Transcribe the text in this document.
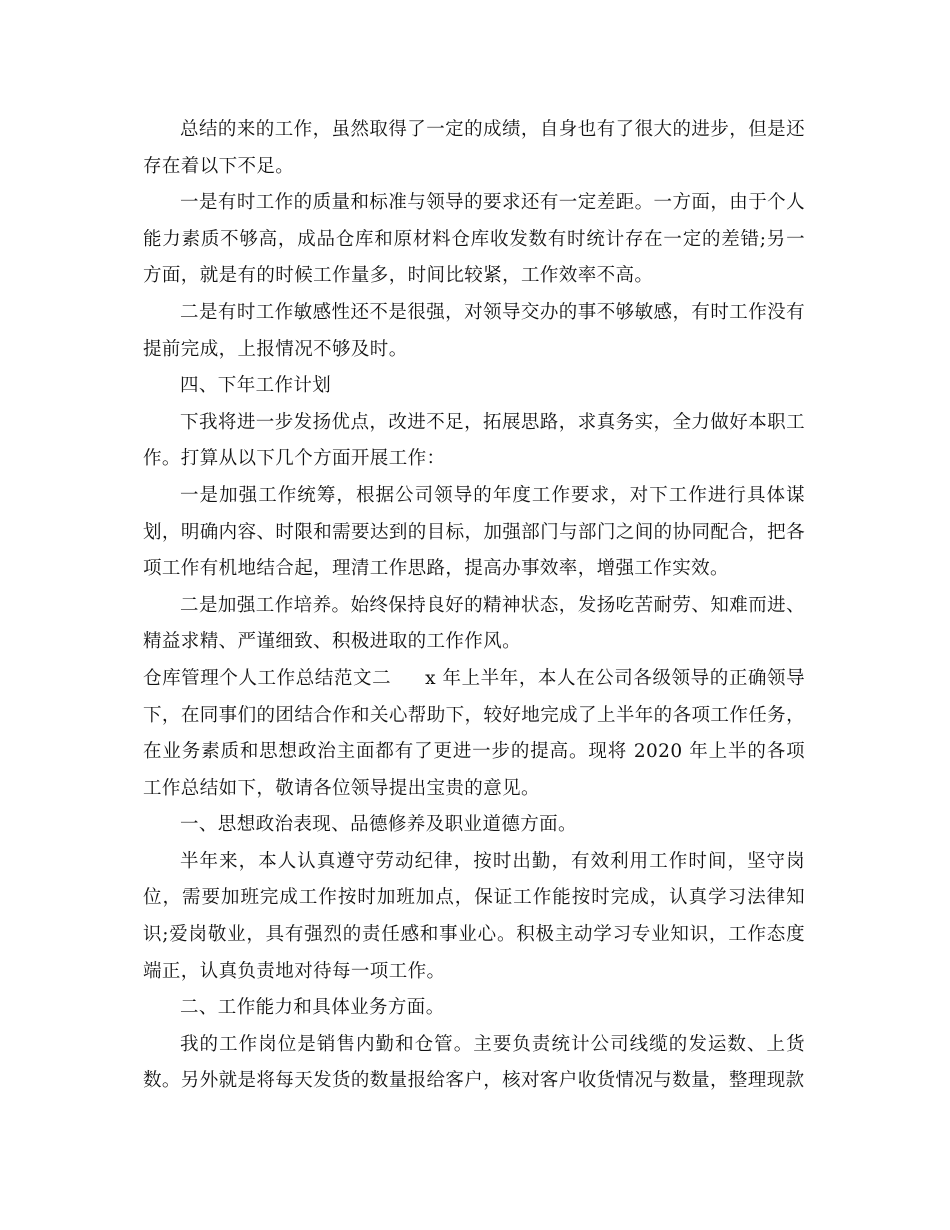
总结的来的工作，虽然取得了一定的成绩，自身也有了很大的进步，但是还存在着以下不足。

一是有时工作的质量和标准与领导的要求还有一定差距。一方面，由于个人能力素质不够高，成品仓库和原材料仓库收发数有时统计存在一定的差错;另一方面，就是有的时候工作量多，时间比较紧，工作效率不高。

二是有时工作敏感性还不是很强，对领导交办的事不够敏感，有时工作没有提前完成，上报情况不够及时。

四、下年工作计划

下我将进一步发扬优点，改进不足，拓展思路，求真务实，全力做好本职工作。打算从以下几个方面开展工作：

一是加强工作统筹，根据公司领导的年度工作要求，对下工作进行具体谋划，明确内容、时限和需要达到的目标，加强部门与部门之间的协同配合，把各项工作有机地结合起，理清工作思路，提高办事效率，增强工作实效。

二是加强工作培养。始终保持良好的精神状态，发扬吃苦耐劳、知难而进、精益求精、严谨细致、积极进取的工作作风。

仓库管理个人工作总结范文二 x 年上半年，本人在公司各级领导的正确领导下，在同事们的团结合作和关心帮助下，较好地完成了上半年的各项工作任务，在业务素质和思想政治主面都有了更进一步的提高。现将 2020 年上半的各项工作总结如下，敬请各位领导提出宝贵的意见。

一、思想政治表现、品德修养及职业道德方面。

半年来，本人认真遵守劳动纪律，按时出勤，有效利用工作时间，坚守岗位，需要加班完成工作按时加班加点，保证工作能按时完成，认真学习法律知识;爱岗敬业，具有强烈的责任感和事业心。积极主动学习专业知识，工作态度端正，认真负责地对待每一项工作。

二、工作能力和具体业务方面。

我的工作岗位是销售内勤和仓管。主要负责统计公司线缆的发运数、上货数。另外就是将每天发货的数量报给客户，核对客户收货情况与数量，整理现款
